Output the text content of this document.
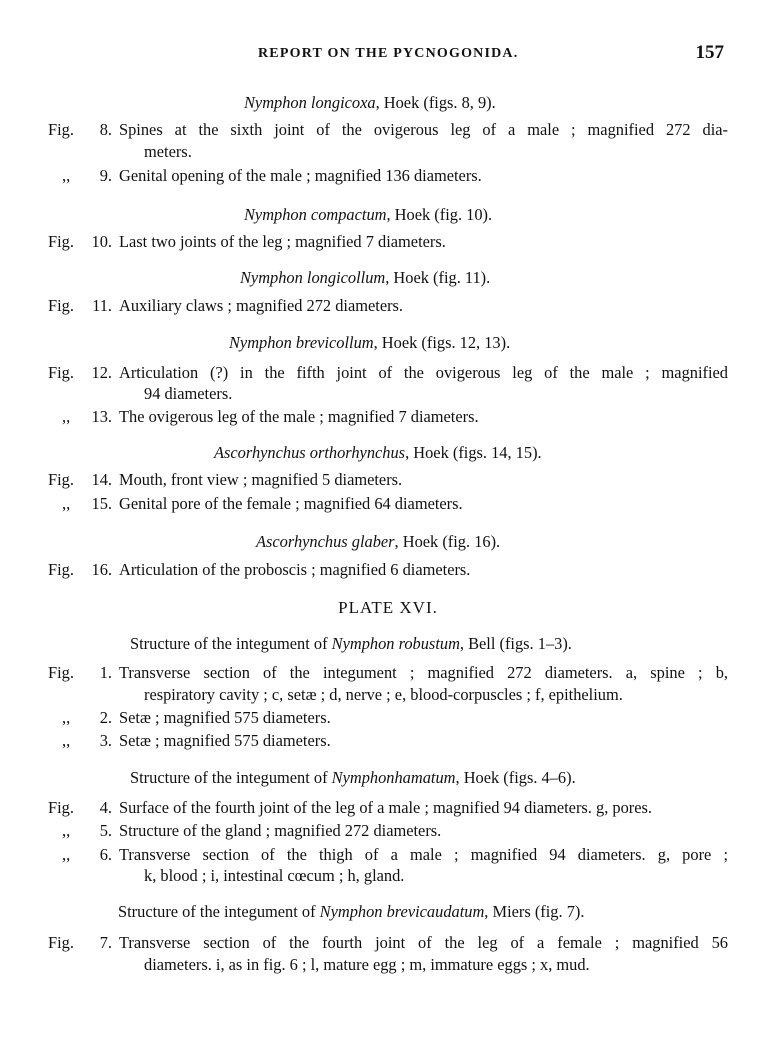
REPORT ON THE PYCNOGONIDA.	157
Nymphon longicoxa, Hoek (figs. 8, 9).
Fig.	8. Spines at the sixth joint of the ovigerous leg of a male ; magnified 272 dia-
meters.
,,	9. Genital opening of the male ; magnified 136 diameters.
Nymphon compactum, Hoek (fig. 10).
Fig.	10. Last two joints of the leg ; magnified 7 diameters.
Nymphon longicollum, Hoek (fig. 11).
Fig.	11. Auxiliary claws ; magnified 272 diameters.
Nymphon brevicollum, Hoek (figs. 12, 13).
Fig.	12. Articulation (?) in the fifth joint of the ovigerous leg of the male ; magnified
94 diameters.
,,	13. The ovigerous leg of the male ; magnified 7 diameters.
Ascorhynchus orthorhynchus, Hoek (figs. 14, 15).
Fig.	14. Mouth, front view ; magnified 5 diameters.
,,	15. Genital pore of the female ; magnified 64 diameters.
Ascorhynchus glaber, Hoek (fig. 16).
Fig.	16. Articulation of the proboscis ; magnified 6 diameters.
PLATE XVI.
Structure of the integument of Nymphon robustum, Bell (figs. 1–3).
Fig.	1. Transverse section of the integument ; magnified 272 diameters. a, spine ; b,
respiratory cavity ; c, setæ ; d, nerve ; e, blood-corpuscles ; f, epithelium.
,,	2. Setæ ; magnified 575 diameters.
,,	3. Setæ ; magnified 575 diameters.
Structure of the integument of Nymphonhamatum, Hoek (figs. 4–6).
Fig.	4. Surface of the fourth joint of the leg of a male ; magnified 94 diameters. g, pores.
,,	5. Structure of the gland ; magnified 272 diameters.
,,	6. Transverse section of the thigh of a male ; magnified 94 diameters. g, pore ;
k, blood ; i, intestinal cœcum ; h, gland.
Structure of the integument of Nymphon brevicaudatum, Miers (fig. 7).
Fig.	7. Transverse section of the fourth joint of the leg of a female ; magnified 56
diameters. i, as in fig. 6 ; l, mature egg ; m, immature eggs ; x, mud.
